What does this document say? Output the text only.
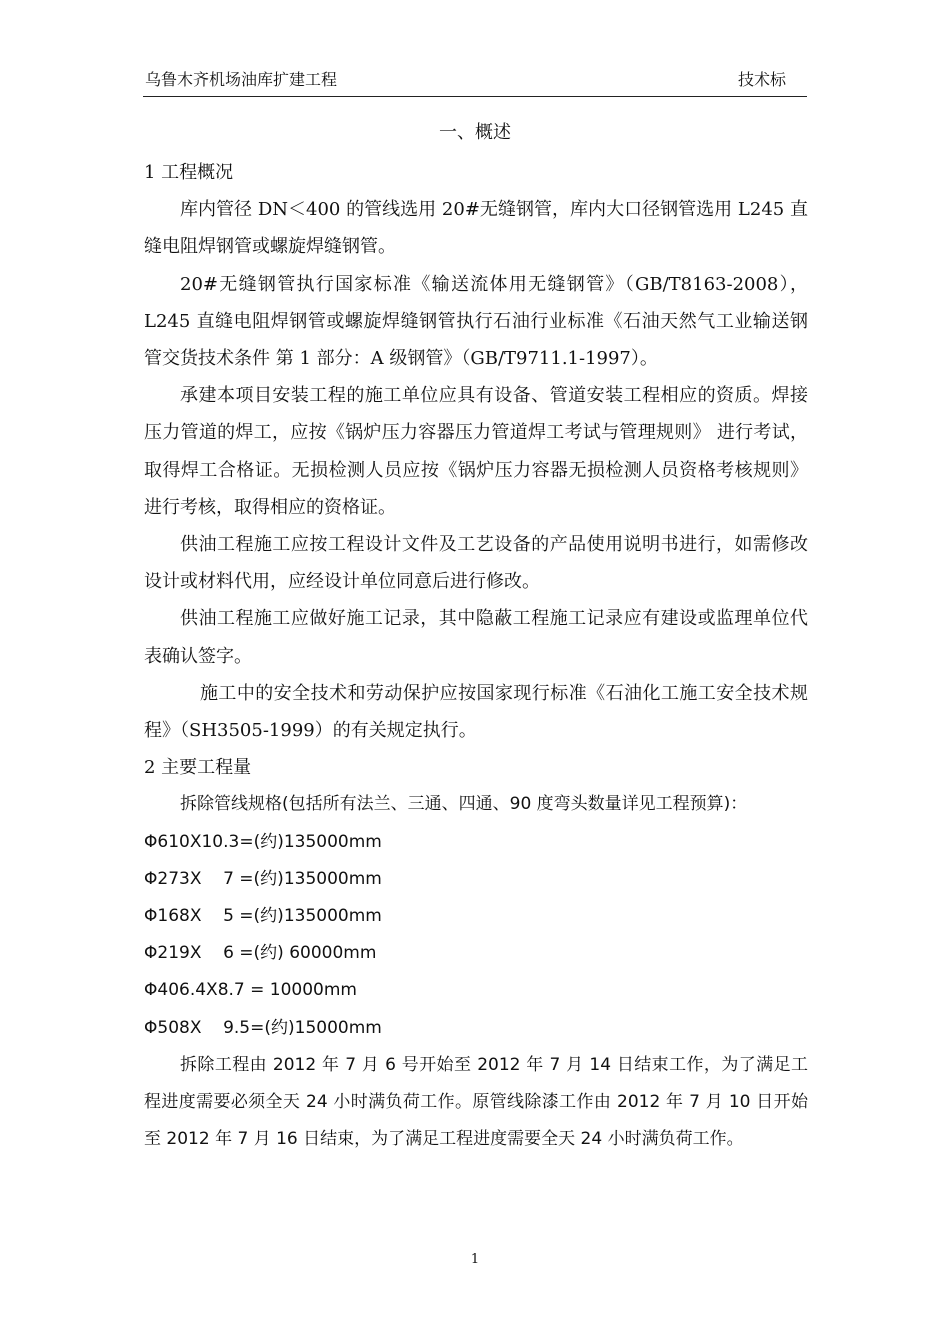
乌鲁木齐机场油库扩建工程	技术标
一、概述

1 工程概况

库内管径 DN＜400 的管线选用 20#无缝钢管，库内大口径钢管选用 L245 直缝电阻焊钢管或螺旋焊缝钢管。

20#无缝钢管执行国家标准《输送流体用无缝钢管》（GB/T8163-2008），L245 直缝电阻焊钢管或螺旋焊缝钢管执行石油行业标准《石油天然气工业输送钢管交货技术条件 第 1 部分：A 级钢管》（GB/T9711.1-1997）。

承建本项目安装工程的施工单位应具有设备、管道安装工程相应的资质。焊接压力管道的焊工，应按《锅炉压力容器压力管道焊工考试与管理规则》 进行考试，取得焊工合格证。无损检测人员应按《锅炉压力容器无损检测人员资格考核规则》进行考核，取得相应的资格证。

供油工程施工应按工程设计文件及工艺设备的产品使用说明书进行，如需修改设计或材料代用，应经设计单位同意后进行修改。

供油工程施工应做好施工记录，其中隐蔽工程施工记录应有建设或监理单位代表确认签字。

施工中的安全技术和劳动保护应按国家现行标准《石油化工施工安全技术规程》（SH3505-1999）的有关规定执行。

2 主要工程量

拆除管线规格(包括所有法兰、三通、四通、90 度弯头数量详见工程预算)：

Φ610X10.3=(约)135000mm

Φ273X    7 =(约)135000mm

Φ168X    5 =(约)135000mm

Φ219X    6 =(约) 60000mm

Φ406.4X8.7 = 10000mm

Φ508X    9.5=(约)15000mm

拆除工程由 2012 年 7 月 6 号开始至 2012 年 7 月 14 日结束工作，为了满足工程进度需要必须全天 24 小时满负荷工作。原管线除漆工作由 2012 年 7 月 10 日开始至 2012 年 7 月 16 日结束，为了满足工程进度需要全天 24 小时满负荷工作。

1
